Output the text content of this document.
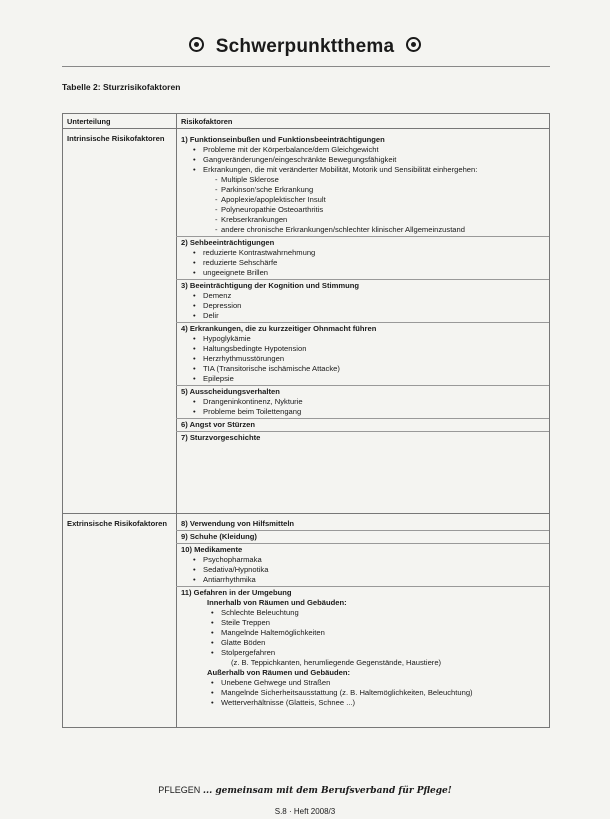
Schwerpunktthema
Tabelle 2: Sturzrisikofaktoren
Unterteilung	Risikofaktoren
Intrinsische Risikofaktoren	1) Funktionseinbußen und Funktionsbeeinträchtigungen
• Probleme mit der Körperbalance/dem Gleichgewicht
• Gangveränderungen/eingeschränkte Bewegungsfähigkeit
• Erkrankungen, die mit veränderter Mobilität, Motorik und Sensibilität einhergehen:
- Multiple Sklerose
- Parkinson'sche Erkrankung
- Apoplexie/apoplektischer Insult
- Polyneuropathie Osteoarthritis
- Krebserkrankungen
- andere chronische Erkrankungen/schlechter klinischer Allgemeinzustand
2) Sehbeeinträchtigungen
• reduzierte Kontrastwahrnehmung
• reduzierte Sehschärfe
• ungeeignete Brillen
3) Beeinträchtigung der Kognition und Stimmung
• Demenz
• Depression
• Delir
4) Erkrankungen, die zu kurzzeitiger Ohnmacht führen
• Hypoglykämie
• Haltungsbedingte Hypotension
• Herzrhythmusstörungen
• TIA (Transitorische ischämische Attacke)
• Epilepsie
5) Ausscheidungsverhalten
• Drangeninkontinenz, Nykturie
• Probleme beim Toilettengang
6) Angst vor Stürzen
7) Sturzvorgeschichte
Extrinsische Risikofaktoren	8) Verwendung von Hilfsmitteln
9) Schuhe (Kleidung)
10) Medikamente
• Psychopharmaka
• Sedativa/Hypnotika
• Antiarrhythmika
11) Gefahren in der Umgebung
Innerhalb von Räumen und Gebäuden:
• Schlechte Beleuchtung
• Steile Treppen
• Mangelnde Haltemöglichkeiten
• Glatte Böden
• Stolpergefahren
(z. B. Teppichkanten, herumliegende Gegenstände, Haustiere)
Außerhalb von Räumen und Gebäuden:
• Unebene Gehwege und Straßen
• Mangelnde Sicherheitsausstattung (z. B. Haltemöglichkeiten, Beleuchtung)
• Wetterverhältnisse (Glatteis, Schnee ...)
PFLEGEN ... gemeinsam mit dem Berufsverband für Pflege!
S.8 · Heft 2008/3
